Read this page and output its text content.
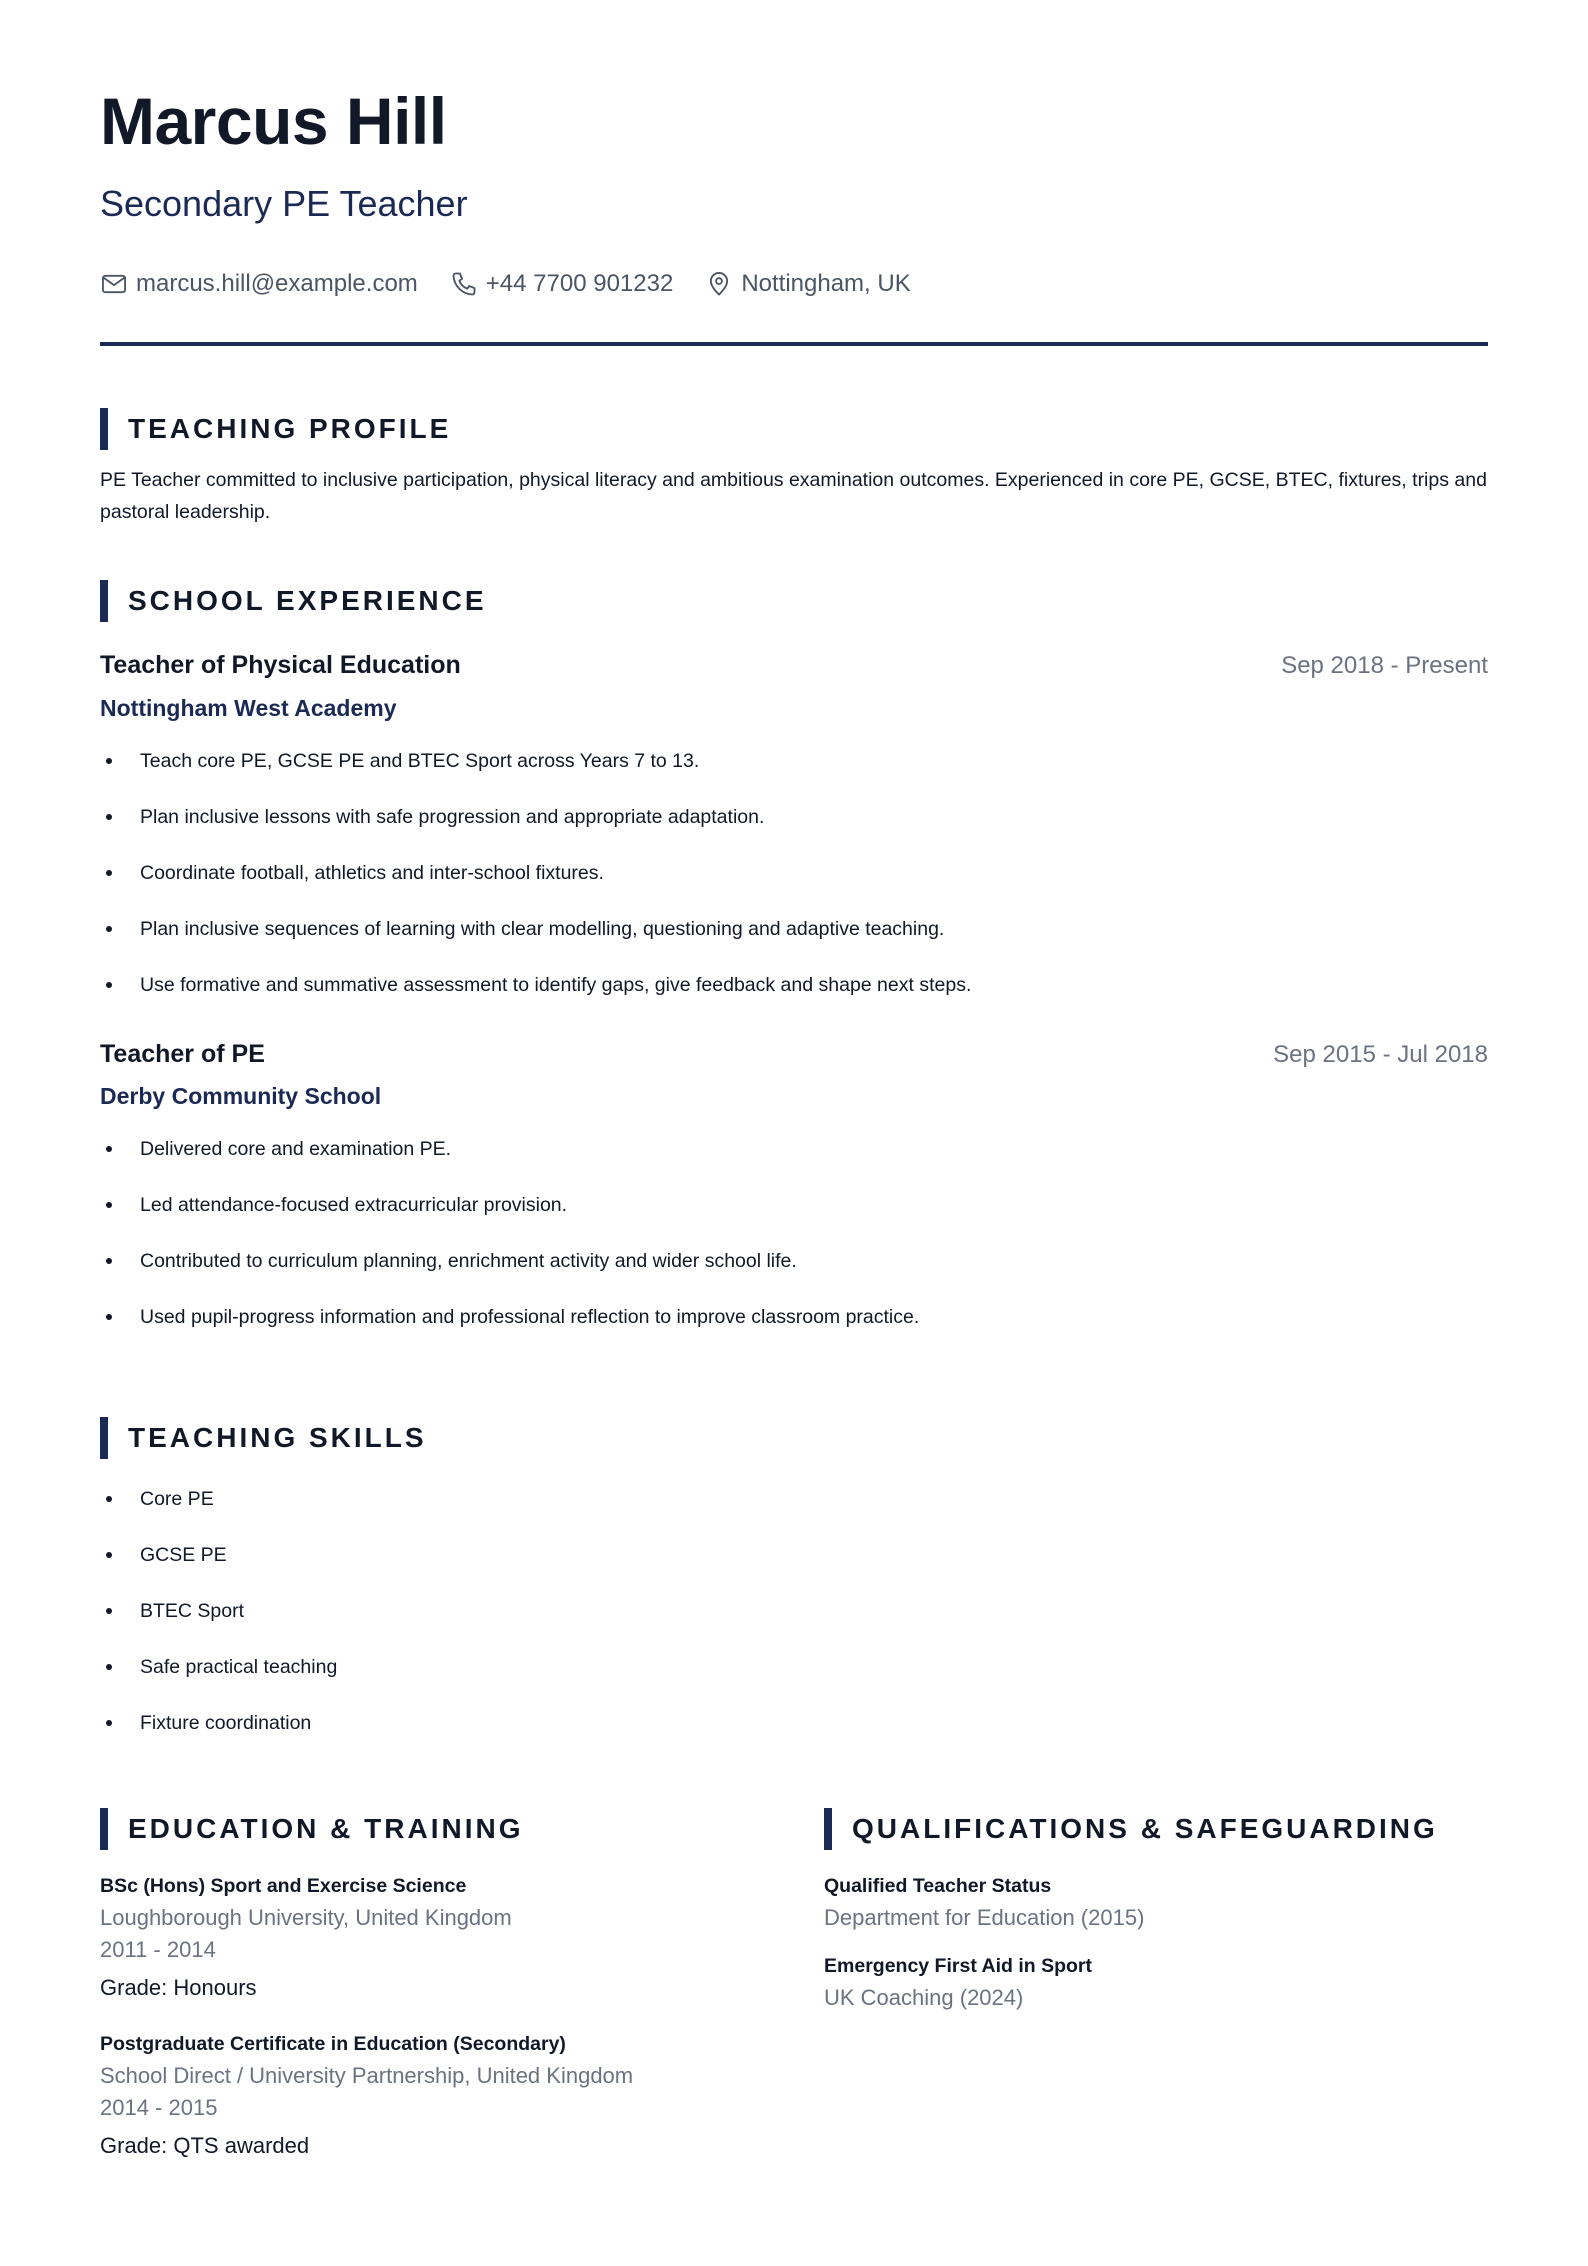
Marcus Hill
Secondary PE Teacher
marcus.hill@example.com	+44 7700 901232	Nottingham, UK
TEACHING PROFILE
PE Teacher committed to inclusive participation, physical literacy and ambitious examination outcomes. Experienced in core PE, GCSE, BTEC, fixtures, trips and pastoral leadership.
SCHOOL EXPERIENCE
Teacher of Physical Education	Sep 2018 - Present
Nottingham West Academy
Teach core PE, GCSE PE and BTEC Sport across Years 7 to 13.
Plan inclusive lessons with safe progression and appropriate adaptation.
Coordinate football, athletics and inter-school fixtures.
Plan inclusive sequences of learning with clear modelling, questioning and adaptive teaching.
Use formative and summative assessment to identify gaps, give feedback and shape next steps.
Teacher of PE	Sep 2015 - Jul 2018
Derby Community School
Delivered core and examination PE.
Led attendance-focused extracurricular provision.
Contributed to curriculum planning, enrichment activity and wider school life.
Used pupil-progress information and professional reflection to improve classroom practice.
TEACHING SKILLS
Core PE
GCSE PE
BTEC Sport
Safe practical teaching
Fixture coordination
EDUCATION & TRAINING
BSc (Hons) Sport and Exercise Science
Loughborough University, United Kingdom
2011 - 2014
Grade: Honours
Postgraduate Certificate in Education (Secondary)
School Direct / University Partnership, United Kingdom
2014 - 2015
Grade: QTS awarded
QUALIFICATIONS & SAFEGUARDING
Qualified Teacher Status
Department for Education (2015)
Emergency First Aid in Sport
UK Coaching (2024)
